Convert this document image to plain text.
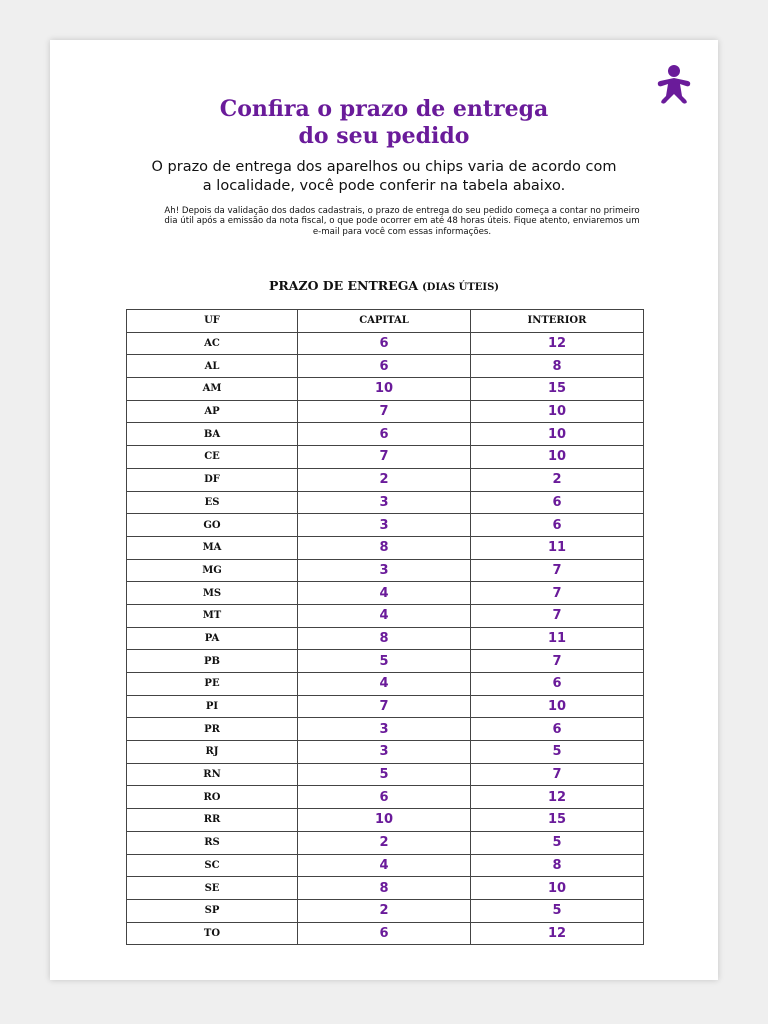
Confira o prazo de entrega
do seu pedido
O prazo de entrega dos aparelhos ou chips varia de acordo com
a localidade, você pode conferir na tabela abaixo.
Ah! Depois da validação dos dados cadastrais, o prazo de entrega do seu pedido começa a contar no primeiro
dia útil após a emissão da nota fiscal, o que pode ocorrer em até 48 horas úteis. Fique atento, enviaremos um
e-mail para você com essas informações.
PRAZO DE ENTREGA (DIAS ÚTEIS)
UF	CAPITAL	INTERIOR
AC	6	12
AL	6	8
AM	10	15
AP	7	10
BA	6	10
CE	7	10
DF	2	2
ES	3	6
GO	3	6
MA	8	11
MG	3	7
MS	4	7
MT	4	7
PA	8	11
PB	5	7
PE	4	6
PI	7	10
PR	3	6
RJ	3	5
RN	5	7
RO	6	12
RR	10	15
RS	2	5
SC	4	8
SE	8	10
SP	2	5
TO	6	12
